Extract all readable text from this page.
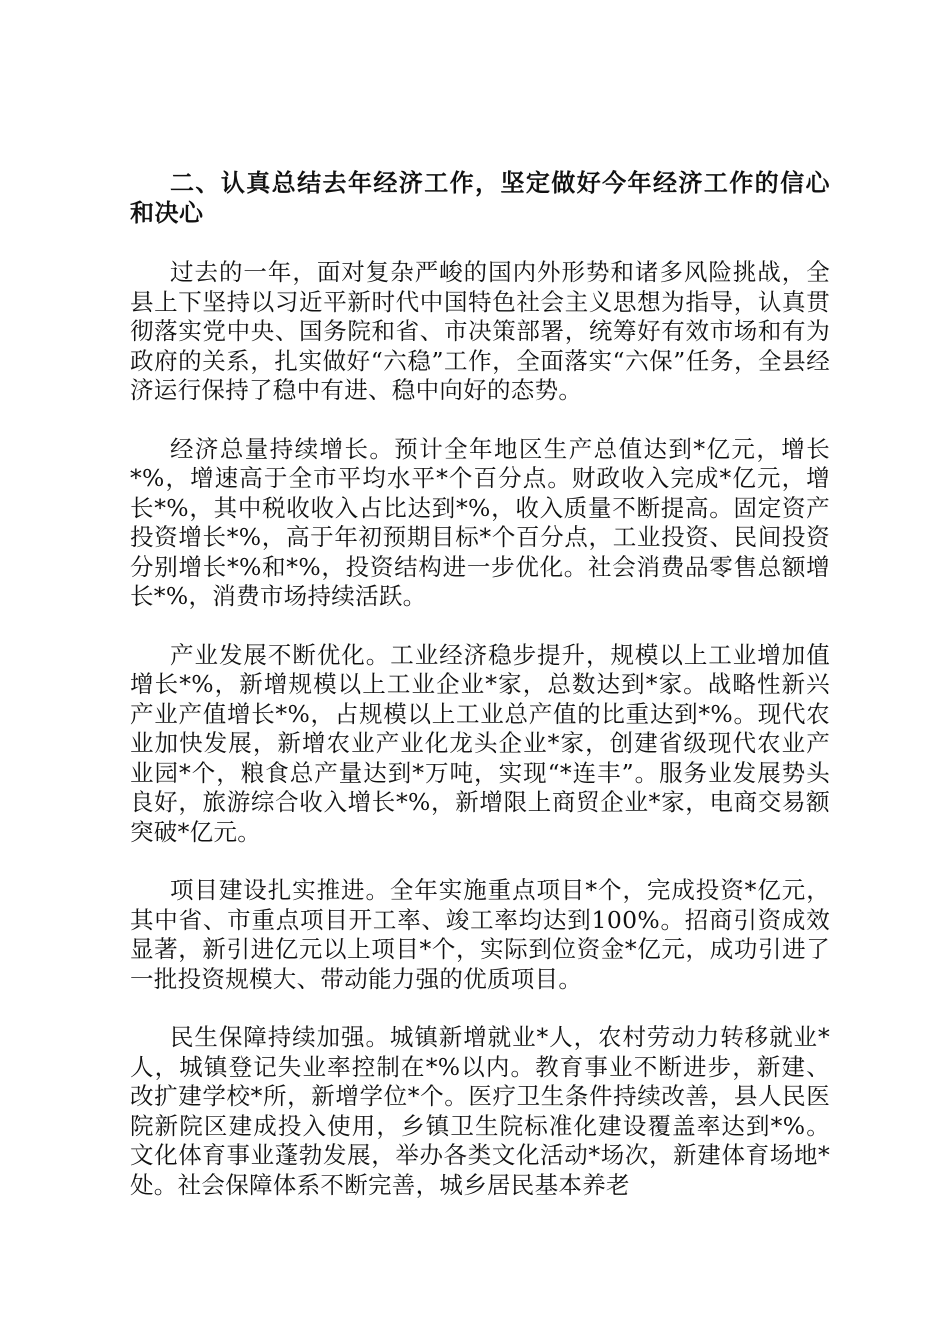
二、认真总结去年经济工作，坚定做好今年经济工作的信心和决心

过去的一年，面对复杂严峻的国内外形势和诸多风险挑战，全县上下坚持以习近平新时代中国特色社会主义思想为指导，认真贯彻落实党中央、国务院和省、市决策部署，统筹好有效市场和有为政府的关系，扎实做好“六稳”工作，全面落实“六保”任务，全县经济运行保持了稳中有进、稳中向好的态势。

经济总量持续增长。预计全年地区生产总值达到*亿元，增长*%，增速高于全市平均水平*个百分点。财政收入完成*亿元，增长*%，其中税收收入占比达到*%，收入质量不断提高。固定资产投资增长*%，高于年初预期目标*个百分点，工业投资、民间投资分别增长*%和*%，投资结构进一步优化。社会消费品零售总额增长*%，消费市场持续活跃。

产业发展不断优化。工业经济稳步提升，规模以上工业增加值增长*%，新增规模以上工业企业*家，总数达到*家。战略性新兴产业产值增长*%，占规模以上工业总产值的比重达到*%。现代农业加快发展，新增农业产业化龙头企业*家，创建省级现代农业产业园*个，粮食总产量达到*万吨，实现“*连丰”。服务业发展势头良好，旅游综合收入增长*%，新增限上商贸企业*家，电商交易额突破*亿元。

项目建设扎实推进。全年实施重点项目*个，完成投资*亿元，其中省、市重点项目开工率、竣工率均达到100%。招商引资成效显著，新引进亿元以上项目*个，实际到位资金*亿元，成功引进了一批投资规模大、带动能力强的优质项目。

民生保障持续加强。城镇新增就业*人，农村劳动力转移就业*人，城镇登记失业率控制在*%以内。教育事业不断进步，新建、改扩建学校*所，新增学位*个。医疗卫生条件持续改善，县人民医院新院区建成投入使用，乡镇卫生院标准化建设覆盖率达到*%。文化体育事业蓬勃发展，举办各类文化活动*场次，新建体育场地*处。社会保障体系不断完善，城乡居民基本养老
